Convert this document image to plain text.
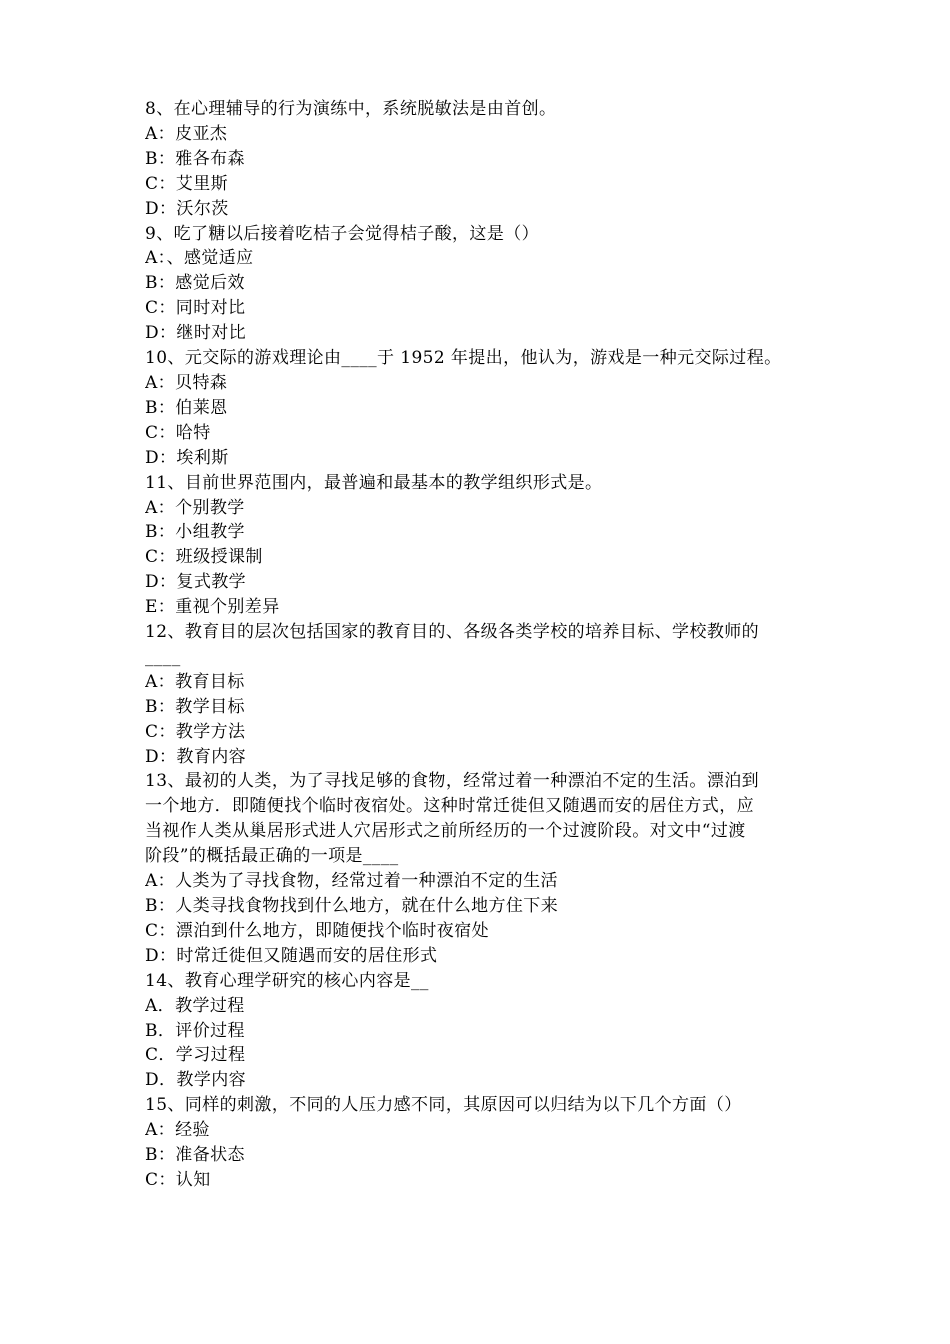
8、在心理辅导的行为演练中，系统脱敏法是由首创。
A：皮亚杰
B：雅各布森
C：艾里斯
D：沃尔茨
9、吃了糖以后接着吃桔子会觉得桔子酸，这是（）
A：、感觉适应
B：感觉后效
C：同时对比
D：继时对比
10、元交际的游戏理论由____于 1952 年提出，他认为，游戏是一种元交际过程。
A：贝特森
B：伯莱恩
C：哈特
D：埃利斯
11、目前世界范围内，最普遍和最基本的教学组织形式是。
A：个别教学
B：小组教学
C：班级授课制
D：复式教学
E：重视个别差异
12、教育目的层次包括国家的教育目的、各级各类学校的培养目标、学校教师的
____
A：教育目标
B：教学目标
C：教学方法
D：教育内容
13、最初的人类，为了寻找足够的食物，经常过着一种漂泊不定的生活。漂泊到
一个地方．即随便找个临时夜宿处。这种时常迁徙但又随遇而安的居住方式，应
当视作人类从巢居形式进人穴居形式之前所经历的一个过渡阶段。对文中“过渡
阶段”的概括最正确的一项是____
A：人类为了寻找食物，经常过着一种漂泊不定的生活
B：人类寻找食物找到什么地方，就在什么地方住下来
C：漂泊到什么地方，即随便找个临时夜宿处
D：时常迁徙但又随遇而安的居住形式
14、教育心理学研究的核心内容是__
A．教学过程
B．评价过程
C．学习过程
D．教学内容
15、同样的刺激，不同的人压力感不同，其原因可以归结为以下几个方面（）
A：经验
B：准备状态
C：认知
